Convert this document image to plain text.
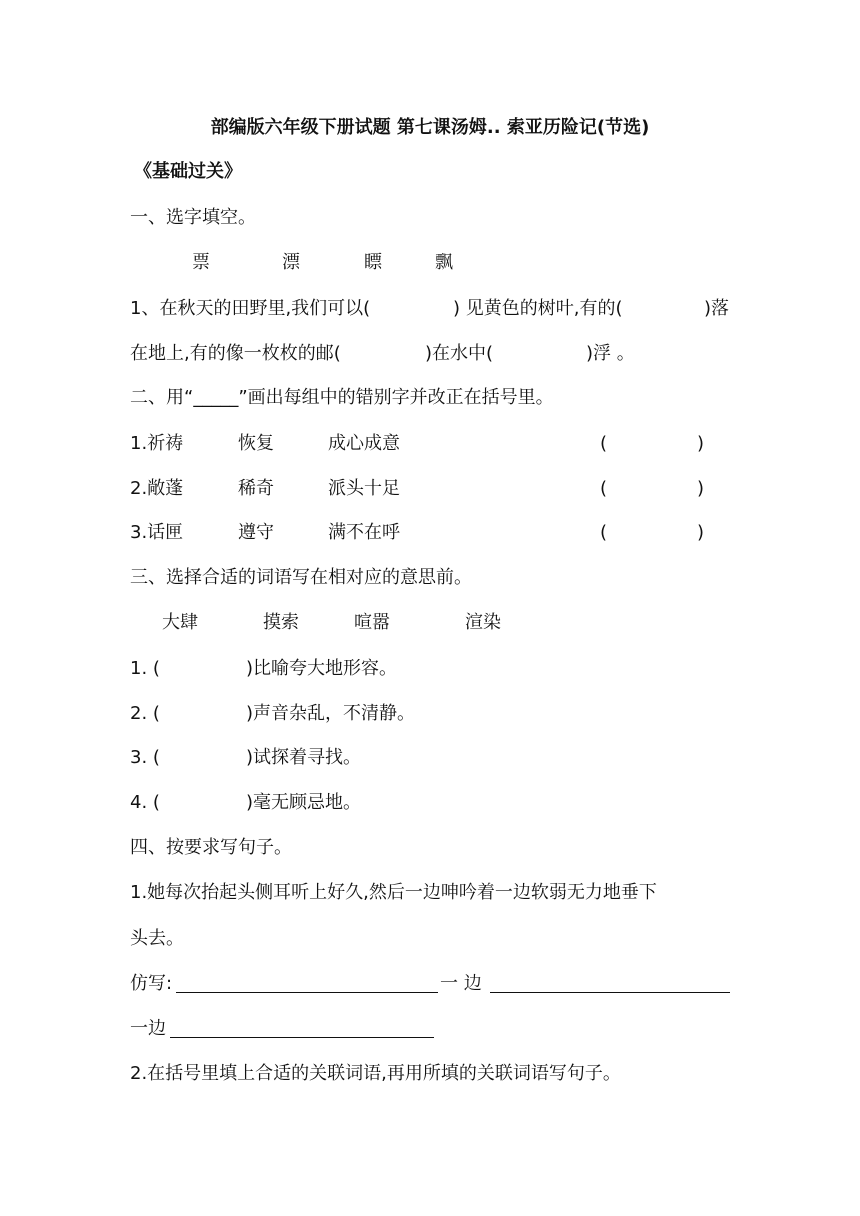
部编版六年级下册试题 第七课汤姆.. 索亚历险记(节选)
《基础过关》
一、选字填空。
票	漂	瞟	飘
1、在秋天的田野里,我们可以(	) 见黄色的树叶,有的(	)落
在地上,有的像一枚枚的邮(	)在水中(	)浮 。
二、用“_____”画出每组中的错别字并改正在括号里。
1.祈祷	恢复	成心成意	(	)
2.敞蓬	稀奇	派头十足	(	)
3.话匣	遵守	满不在呼	(	)
三、选择合适的词语写在相对应的意思前。
大肆	摸索	喧嚣	渲染
1. (	)比喻夸大地形容。
2. (	)声音杂乱，不清静。
3. (	)试探着寻找。
4. (	)毫无顾忌地。
四、按要求写句子。
1.她每次抬起头侧耳听上好久,然后一边呻吟着一边软弱无力地垂下
头去。
仿写:	一 边
一边
2.在括号里填上合适的关联词语,再用所填的关联词语写句子。
